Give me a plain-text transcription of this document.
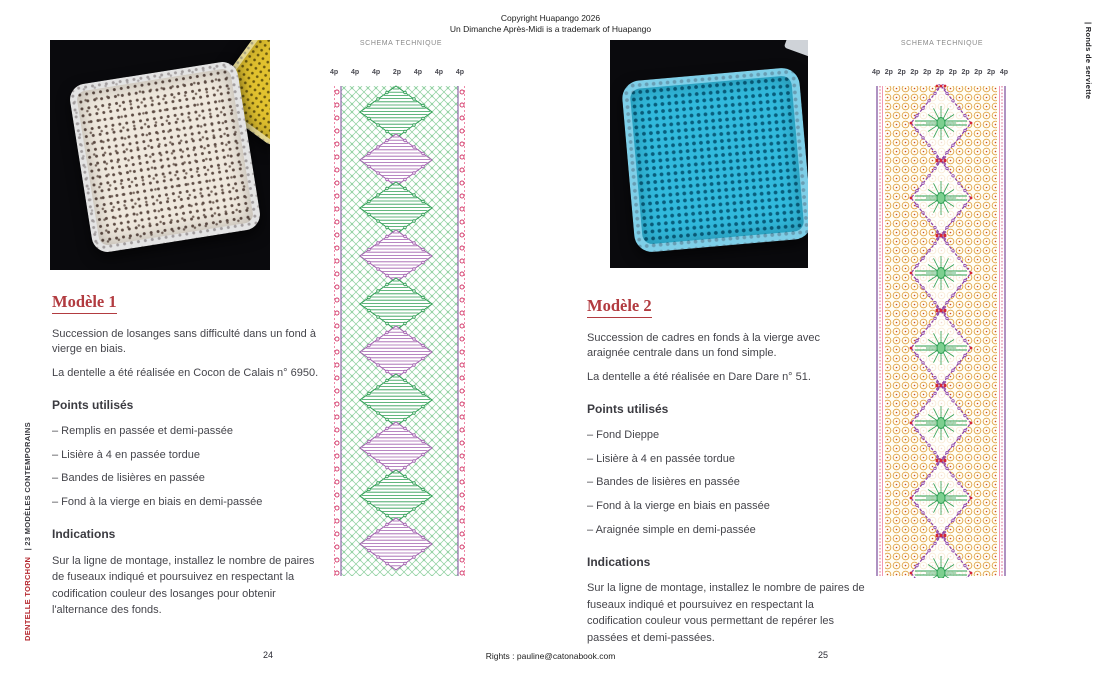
Copyright Huapango 2026
Un Dimanche Après-Midi is a trademark of Huapango
SCHEMA TECHNIQUE	SCHEMA TECHNIQUE
4p 4p 4p 2p 4p 4p 4p	4p 2p 2p 2p 2p 2p 2p 2p 2p 2p 4p
Modèle 1

Succession de losanges sans difficulté dans un fond à vierge en biais.

La dentelle a été réalisée en Cocon de Calais n° 6950.

Points utilisés
– Remplis en passée et demi-passée
– Lisière à 4 en passée tordue
– Bandes de lisières en passée
– Fond à la vierge en biais en demi-passée
Indications

Sur la ligne de montage, installez le nombre de paires de fuseaux indiqué et poursuivez en respectant la codification couleur des losanges pour obtenir l'alternance des fonds.

Modèle 2

Succession de cadres en fonds à la vierge avec araignée centrale dans un fond simple.

La dentelle a été réalisée en Dare Dare n° 51.

Points utilisés
– Fond Dieppe
– Lisière à 4 en passée tordue
– Bandes de lisières en passée
– Fond à la vierge en biais en passée
– Araignée simple en demi-passée
Indications

Sur la ligne de montage, installez le nombre de paires de fuseaux indiqué et poursuivez en respectant la codification couleur vous permettant de repérer les passées et demi-passées.

DENTELLE TORCHON | 23 MODÈLES CONTEMPORAINS
| Ronds de serviette
24	25
Rights : pauline@catonabook.com
